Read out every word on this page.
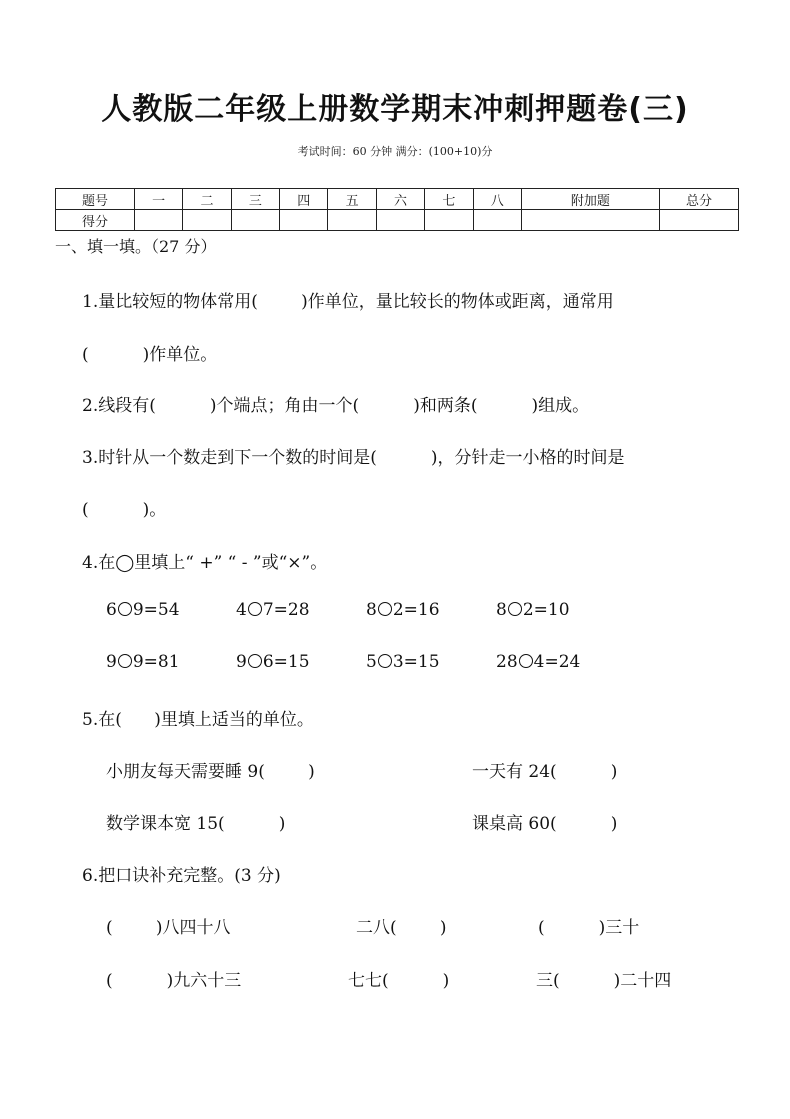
人教版二年级上册数学期末冲刺押题卷(三)
考试时间：60 分钟 满分：(100+10)分
题号	一	二	三	四	五	六	七	八	附加题	总分
得分										
一、填一填。（27 分）
1.量比较短的物体常用(        )作单位，量比较长的物体或距离，通常用
(          )作单位。
2.线段有(          )个端点；角由一个(          )和两条(          )组成。
3.时针从一个数走到下一个数的时间是(          )，分针走一小格的时间是
(          )。
4.在◯里填上“ +” “ - ”或“×”。
6 9=54	4 7=28	8 2=16	8 2=10
9 9=81	9 6=15	5 3=15	28 4=24
5.在(      )里填上适当的单位。
小朋友每天需要睡 9(        )	一天有 24(          )
数学课本宽 15(          )	课桌高 60(          )
6.把口诀补充完整。(3 分)
(        )八四十八	二八(        )	(          )三十
(          )九六十三	七七(          )	三(          )二十四
